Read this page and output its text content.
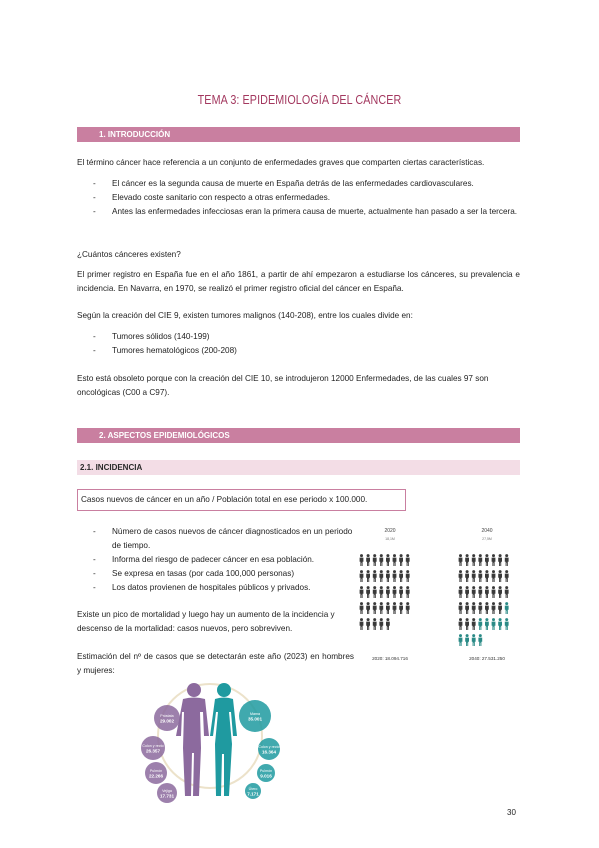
TEMA 3: EPIDEMIOLOGÍA DEL CÁNCER
1. INTRODUCCIÓN

El término cáncer hace referencia a un conjunto de enfermedades graves que comparten ciertas características.

- El cáncer es la segunda causa de muerte en España detrás de las enfermedades cardiovasculares.
- Elevado coste sanitario con respecto a otras enfermedades.
- Antes las enfermedades infecciosas eran la primera causa de muerte, actualmente han pasado a ser la tercera.

¿Cuántos cánceres existen?

El primer registro en España fue en el año 1861, a partir de ahí empezaron a estudiarse los cánceres, su prevalencia e incidencia. En Navarra, en 1970, se realizó el primer registro oficial del cáncer en España.

Según la creación del CIE 9, existen tumores malignos (140-208), entre los cuales divide en:

- Tumores sólidos (140-199)
- Tumores hematológicos (200-208)

Esto está obsoleto porque con la creación del CIE 10, se introdujeron 12000 Enfermedades, de las cuales 97 son oncológicas (C00 a C97).

2. ASPECTOS EPIDEMIOLÓGICOS
2.1. INCIDENCIA
Casos nuevos de cáncer en un año / Población total en ese periodo x 100.000.
- Número de casos nuevos de cáncer diagnosticados en un periodo de tiempo.
- Informa del riesgo de padecer cáncer en esa población.
- Se expresa en tasas (por cada 100,000 personas)
- Los datos provienen de hospitales públicos y privados.

Existe un pico de mortalidad y luego hay un aumento de la incidencia y descenso de la mortalidad: casos nuevos, pero sobreviven.

Estimación del nº de casos que se detectarán este año (2023) en hombres y mujeres:

2020
18,1M
2040
27,5M
2020: 18.094.716	2040: 27.531.250
Próstata
29.002
Colon y recto
26.357
Pulmón
22.266
Vejiga
17.731
Mama
35.001
Colon y recto
16.364
Pulmón
9.016
Útero
7.171
30
